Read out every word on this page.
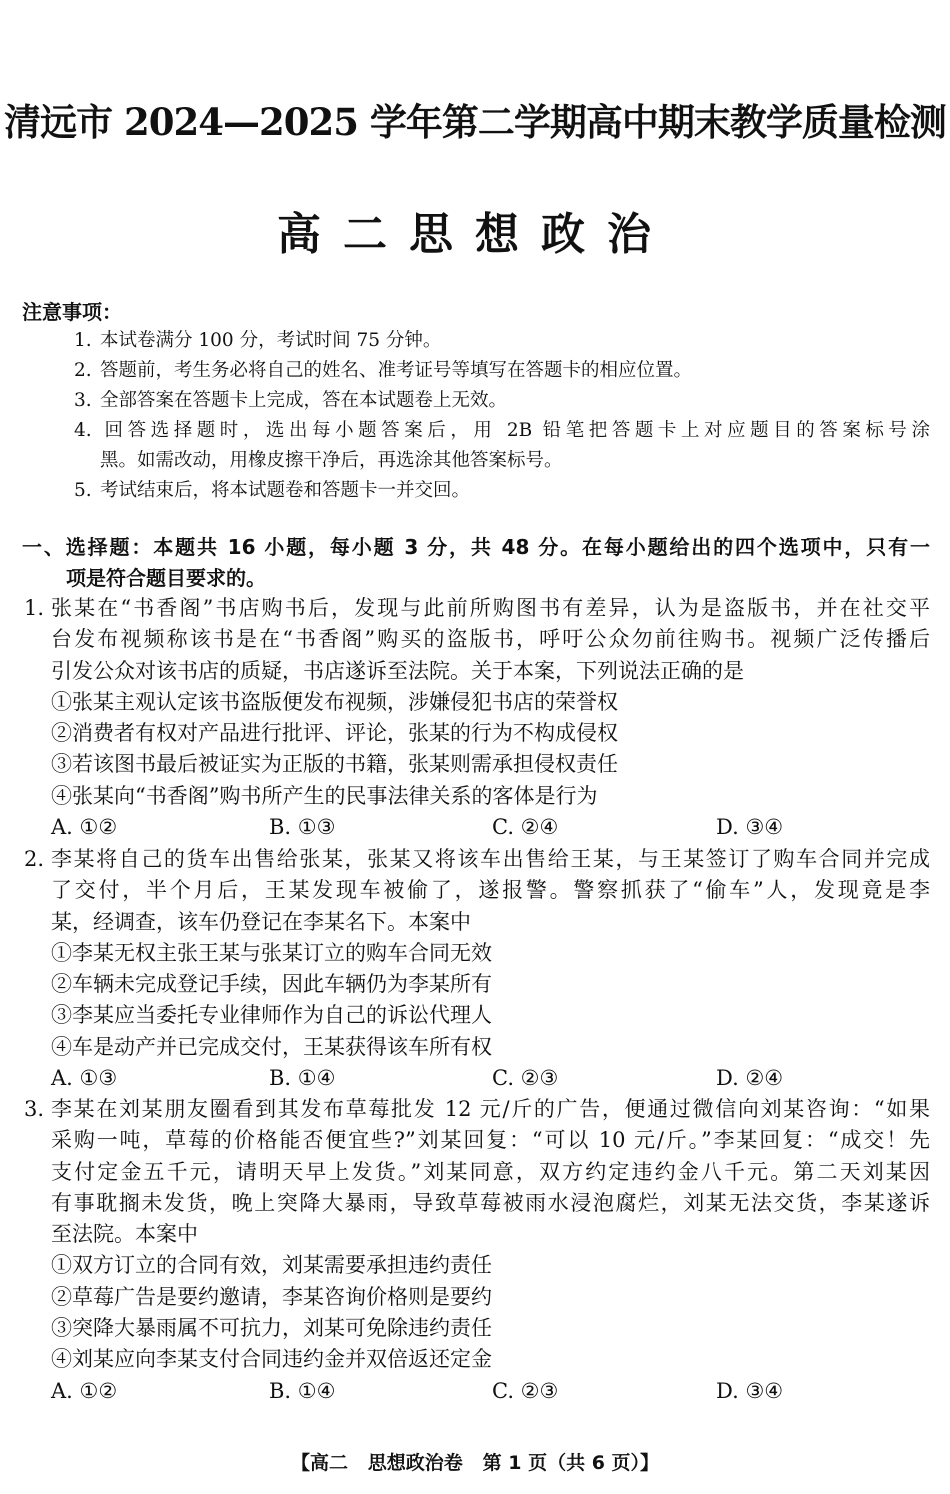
清远市 2024—2025 学年第二学期高中期末教学质量检测
高二思想政治
注意事项：
1. 本试卷满分 100 分，考试时间 75 分钟。
2. 答题前，考生务必将自己的姓名、准考证号等填写在答题卡的相应位置。
3. 全部答案在答题卡上完成，答在本试题卷上无效。
4. 回答选择题时，选出每小题答案后，用 2B 铅笔把答题卡上对应题目的答案标号涂
黑。如需改动，用橡皮擦干净后，再选涂其他答案标号。
5. 考试结束后，将本试题卷和答题卡一并交回。
一、选择题：本题共 16 小题，每小题 3 分，共 48 分。在每小题给出的四个选项中，只有一
项是符合题目要求的。
1. 张某在“书香阁”书店购书后，发现与此前所购图书有差异，认为是盗版书，并在社交平
台发布视频称该书是在“书香阁”购买的盗版书，呼吁公众勿前往购书。视频广泛传播后
引发公众对该书店的质疑，书店遂诉至法院。关于本案，下列说法正确的是
①张某主观认定该书盗版便发布视频，涉嫌侵犯书店的荣誉权
②消费者有权对产品进行批评、评论，张某的行为不构成侵权
③若该图书最后被证实为正版的书籍，张某则需承担侵权责任
④张某向“书香阁”购书所产生的民事法律关系的客体是行为
A. ①②	B. ①③	C. ②④	D. ③④
2. 李某将自己的货车出售给张某，张某又将该车出售给王某，与王某签订了购车合同并完成
了交付，半个月后，王某发现车被偷了，遂报警。警察抓获了“偷车”人，发现竟是李
某，经调查，该车仍登记在李某名下。本案中
①李某无权主张王某与张某订立的购车合同无效
②车辆未完成登记手续，因此车辆仍为李某所有
③李某应当委托专业律师作为自己的诉讼代理人
④车是动产并已完成交付，王某获得该车所有权
A. ①③	B. ①④	C. ②③	D. ②④
3. 李某在刘某朋友圈看到其发布草莓批发 12 元/斤的广告，便通过微信向刘某咨询：“如果
采购一吨，草莓的价格能否便宜些?”刘某回复：“可以 10 元/斤。”李某回复：“成交！先
支付定金五千元，请明天早上发货。”刘某同意，双方约定违约金八千元。第二天刘某因
有事耽搁未发货，晚上突降大暴雨，导致草莓被雨水浸泡腐烂，刘某无法交货，李某遂诉
至法院。本案中
①双方订立的合同有效，刘某需要承担违约责任
②草莓广告是要约邀请，李某咨询价格则是要约
③突降大暴雨属不可抗力，刘某可免除违约责任
④刘某应向李某支付合同违约金并双倍返还定金
A. ①②	B. ①④	C. ②③	D. ③④
【高二   思想政治卷   第 1 页（共 6 页）】
